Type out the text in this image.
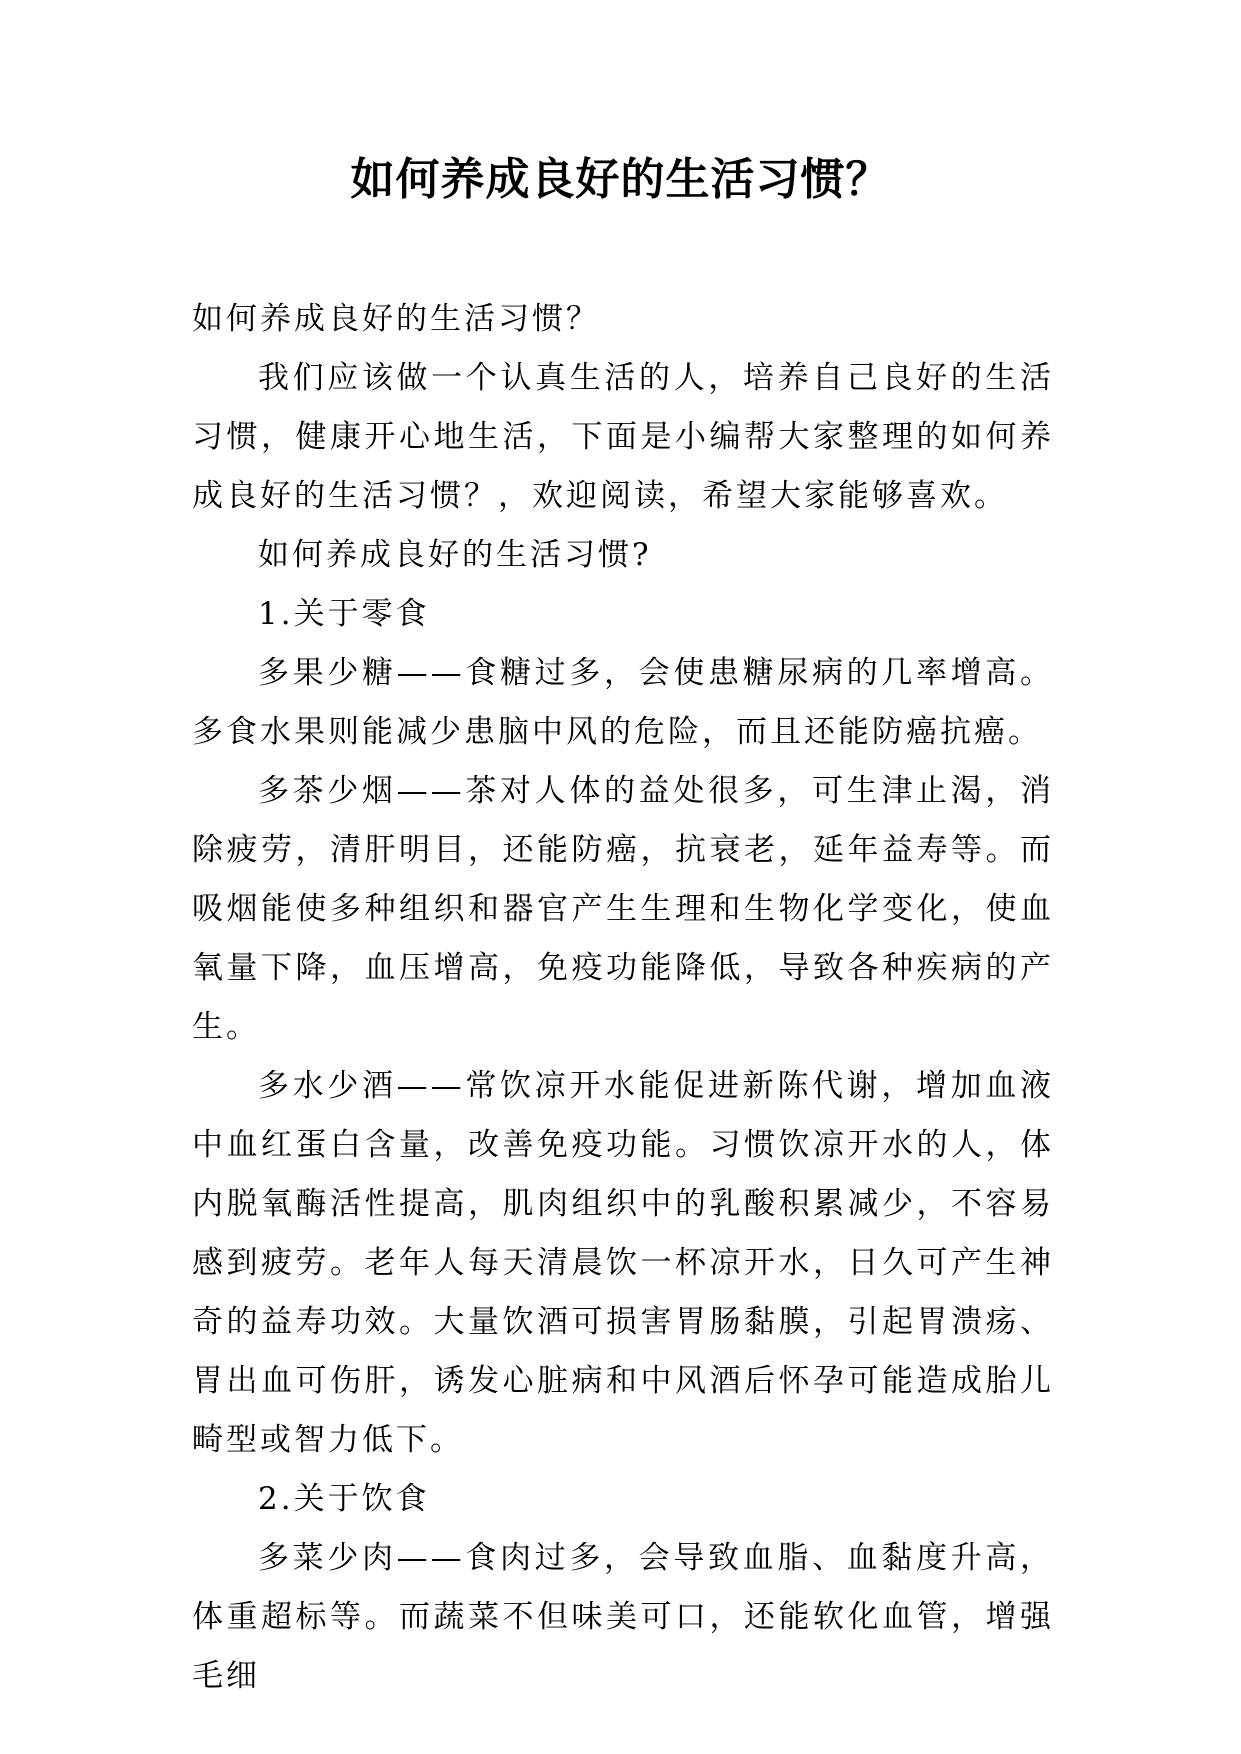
如何养成良好的生活习惯？

如何养成良好的生活习惯？

我们应该做一个认真生活的人，培养自己良好的生活习惯，健康开心地生活，下面是小编帮大家整理的如何养成良好的生活习惯？，欢迎阅读，希望大家能够喜欢。

如何养成良好的生活习惯?

1.关于零食

多果少糖——食糖过多，会使患糖尿病的几率增高。多食水果则能减少患脑中风的危险，而且还能防癌抗癌。

多茶少烟——茶对人体的益处很多，可生津止渴，消除疲劳，清肝明目，还能防癌，抗衰老，延年益寿等。而吸烟能使多种组织和器官产生生理和生物化学变化，使血氧量下降，血压增高，免疫功能降低，导致各种疾病的产生。

多水少酒——常饮凉开水能促进新陈代谢，增加血液中血红蛋白含量，改善免疫功能。习惯饮凉开水的人，体内脱氧酶活性提高，肌肉组织中的乳酸积累减少，不容易感到疲劳。老年人每天清晨饮一杯凉开水，日久可产生神奇的益寿功效。大量饮酒可损害胃肠黏膜，引起胃溃疡、胃出血可伤肝，诱发心脏病和中风酒后怀孕可能造成胎儿畸型或智力低下。

2.关于饮食

多菜少肉——食肉过多，会导致血脂、血黏度升高，体重超标等。而蔬菜不但味美可口，还能软化血管，增强毛细
